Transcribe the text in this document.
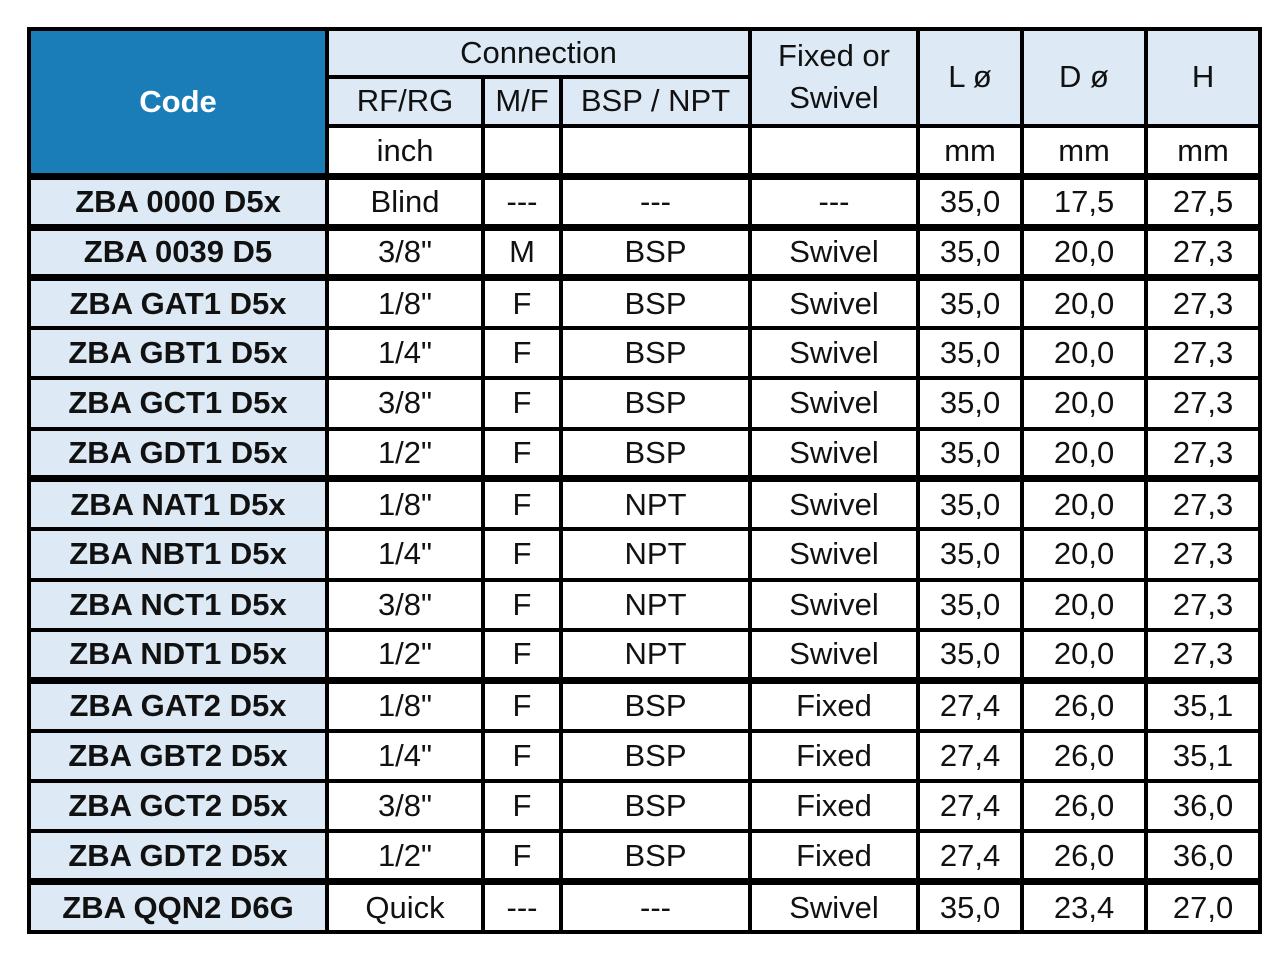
Code	Connection			Fixed or Swivel	L ø	D ø	H
	RF/RG	M/F	BSP / NPT				
	inch				mm	mm	mm
ZBA 0000 D5x	Blind	---	---	---	35,0	17,5	27,5
ZBA 0039 D5	3/8"	M	BSP	Swivel	35,0	20,0	27,3
ZBA GAT1 D5x	1/8"	F	BSP	Swivel	35,0	20,0	27,3
ZBA GBT1 D5x	1/4"	F	BSP	Swivel	35,0	20,0	27,3
ZBA GCT1 D5x	3/8"	F	BSP	Swivel	35,0	20,0	27,3
ZBA GDT1 D5x	1/2"	F	BSP	Swivel	35,0	20,0	27,3
ZBA NAT1 D5x	1/8"	F	NPT	Swivel	35,0	20,0	27,3
ZBA NBT1 D5x	1/4"	F	NPT	Swivel	35,0	20,0	27,3
ZBA NCT1 D5x	3/8"	F	NPT	Swivel	35,0	20,0	27,3
ZBA NDT1 D5x	1/2"	F	NPT	Swivel	35,0	20,0	27,3
ZBA GAT2 D5x	1/8"	F	BSP	Fixed	27,4	26,0	35,1
ZBA GBT2 D5x	1/4"	F	BSP	Fixed	27,4	26,0	35,1
ZBA GCT2 D5x	3/8"	F	BSP	Fixed	27,4	26,0	36,0
ZBA GDT2 D5x	1/2"	F	BSP	Fixed	27,4	26,0	36,0
ZBA QQN2 D6G	Quick	---	---	Swivel	35,0	23,4	27,0
